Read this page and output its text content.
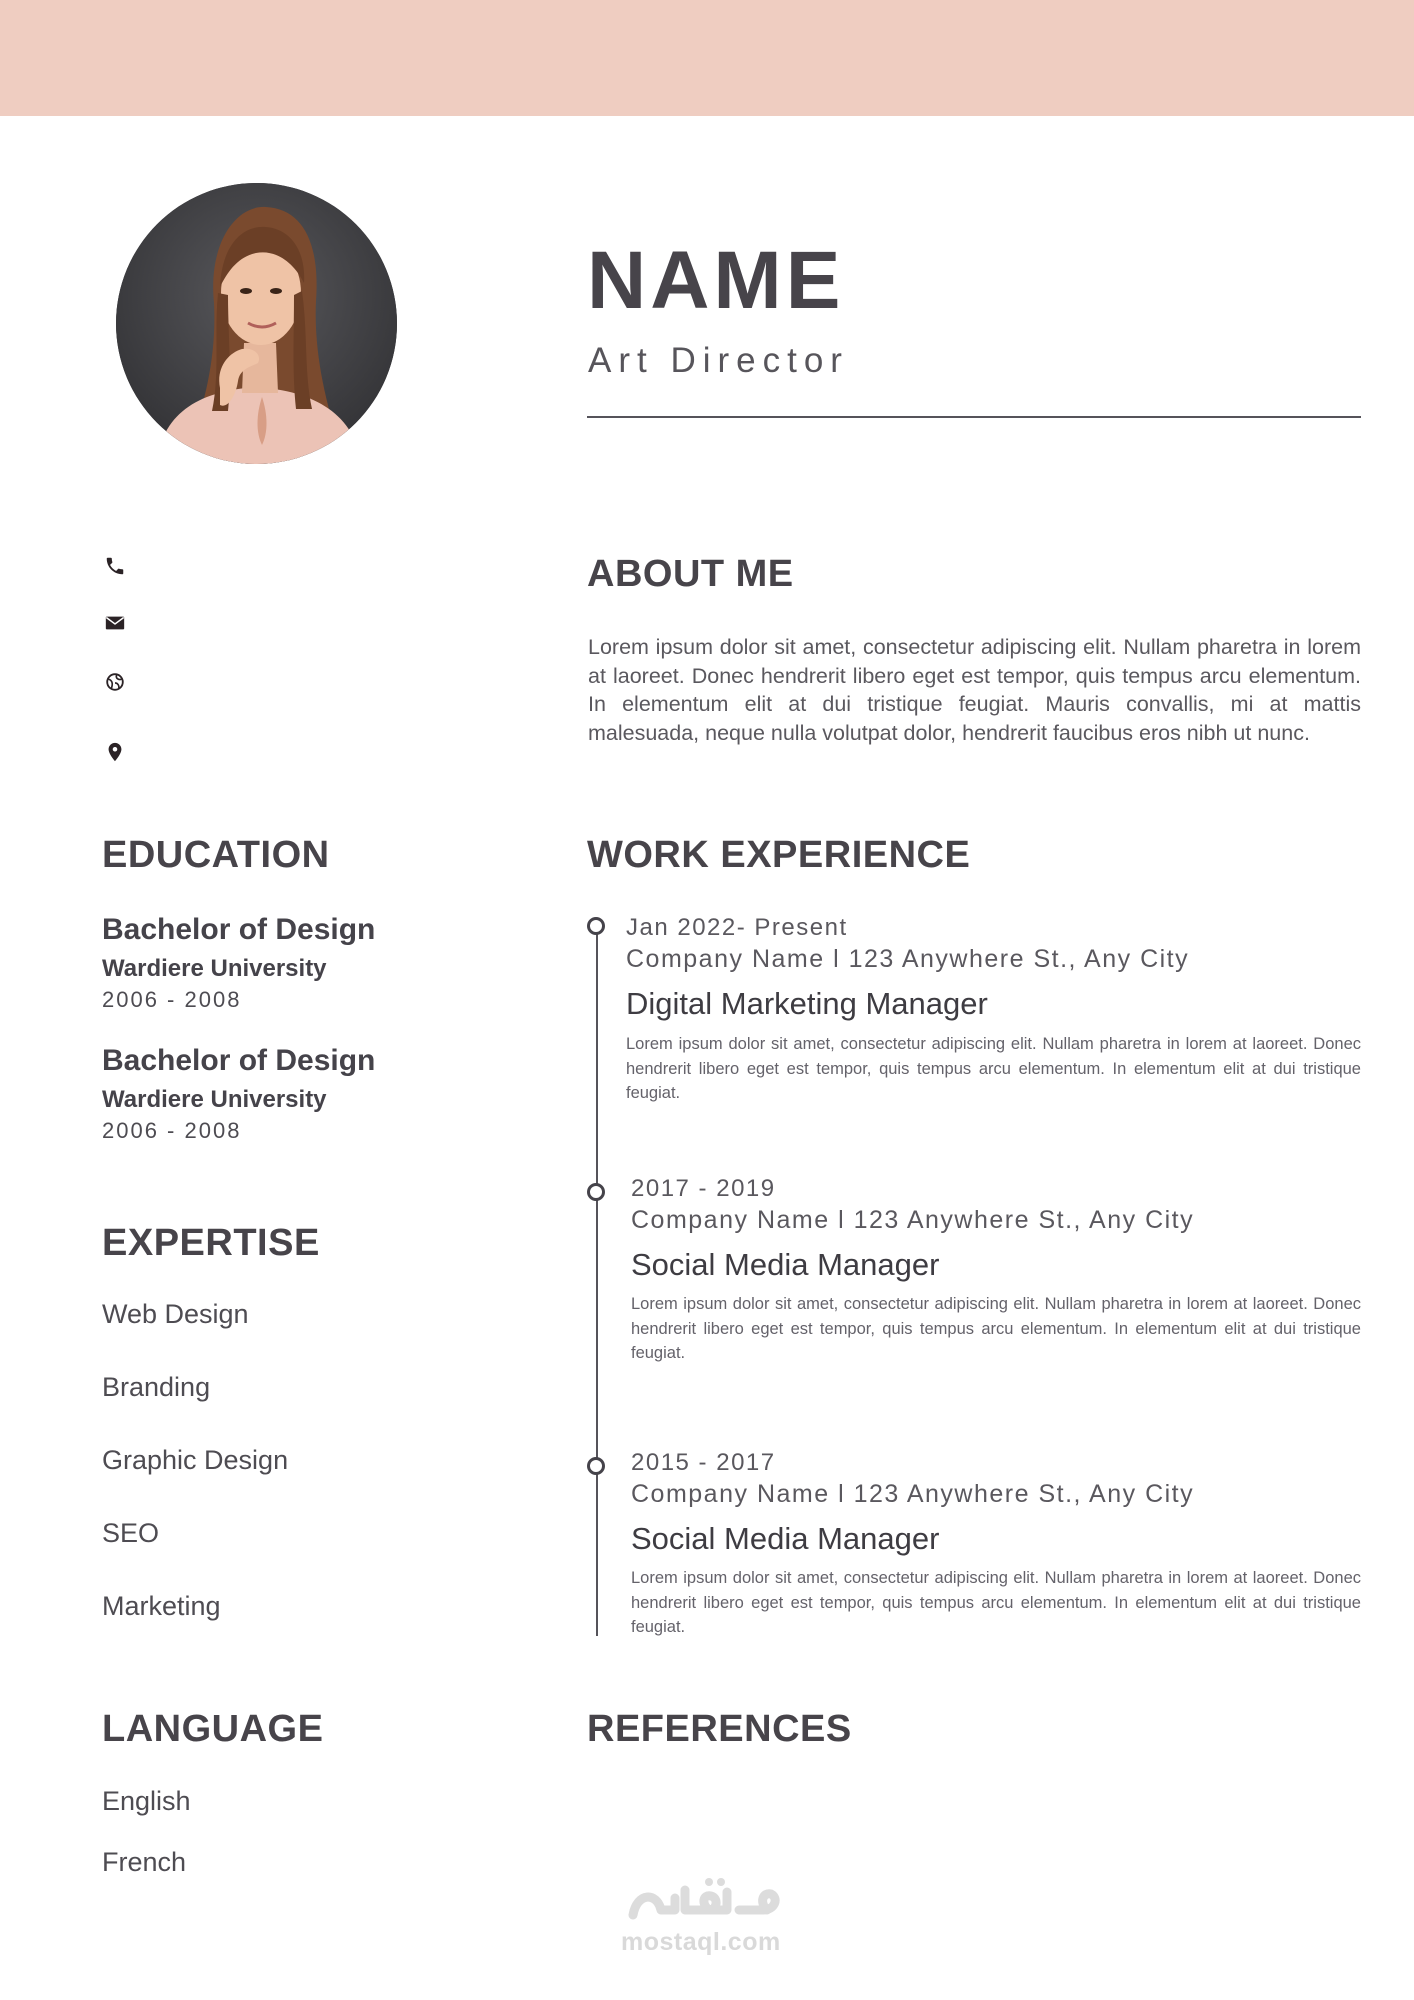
NAME
Art Director
ABOUT ME
Lorem ipsum dolor sit amet, consectetur adipiscing elit. Nullam pharetra in lorem at laoreet. Donec hendrerit libero eget est tempor, quis tempus arcu elementum. In elementum elit at dui tristique feugiat. Mauris convallis, mi at mattis malesuada, neque nulla volutpat dolor, hendrerit faucibus eros nibh ut nunc.
EDUCATION
Bachelor of Design
Wardiere University
2006 - 2008
Bachelor of Design
Wardiere University
2006 - 2008
EXPERTISE
Web Design
Branding
Graphic Design
SEO
Marketing
LANGUAGE
English
French
WORK EXPERIENCE
Jan 2022- Present
Company Name l 123 Anywhere St., Any City
Digital Marketing Manager
Lorem ipsum dolor sit amet, consectetur adipiscing elit. Nullam pharetra in lorem at laoreet. Donec hendrerit libero eget est tempor, quis tempus arcu elementum. In elementum elit at dui tristique feugiat.
2017 - 2019
Company Name l 123 Anywhere St., Any City
Social Media Manager
Lorem ipsum dolor sit amet, consectetur adipiscing elit. Nullam pharetra in lorem at laoreet. Donec hendrerit libero eget est tempor, quis tempus arcu elementum. In elementum elit at dui tristique feugiat.
2015 - 2017
Company Name l 123 Anywhere St., Any City
Social Media Manager
Lorem ipsum dolor sit amet, consectetur adipiscing elit. Nullam pharetra in lorem at laoreet. Donec hendrerit libero eget est tempor, quis tempus arcu elementum. In elementum elit at dui tristique feugiat.
REFERENCES
mostaql.com
